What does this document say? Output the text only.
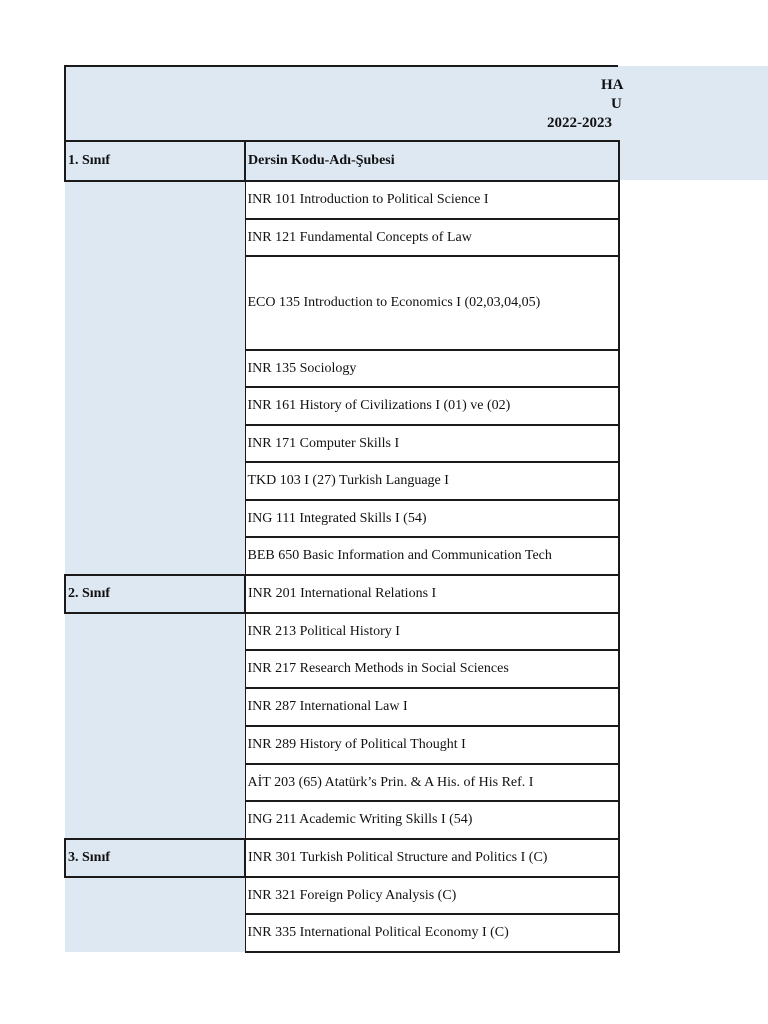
HA
U
2022-2023
1. Sınıf	Dersin Kodu-Adı-Şubesi
	INR 101 Introduction to Political Science I
	INR 121 Fundamental Concepts of Law
	ECO 135 Introduction to Economics I (02,03,04,05)
	INR 135 Sociology
	INR 161 History of Civilizations I (01) ve (02)
	INR 171 Computer Skills I
	TKD 103 I (27) Turkish Language I
	ING 111 Integrated Skills I (54)
	BEB 650 Basic Information and Communication Tech
2. Sınıf	INR 201 International Relations I
	INR 213 Political History I
	INR 217 Research Methods in Social Sciences
	INR 287 International Law I
	INR 289 History of Political Thought I
	AİT 203 (65) Atatürk’s Prin. & A His. of His Ref. I
	ING 211 Academic Writing Skills I (54)
3. Sınıf	INR 301 Turkish Political Structure and Politics I (C)
	INR 321 Foreign Policy Analysis (C)
	INR 335 International Political Economy I (C)
